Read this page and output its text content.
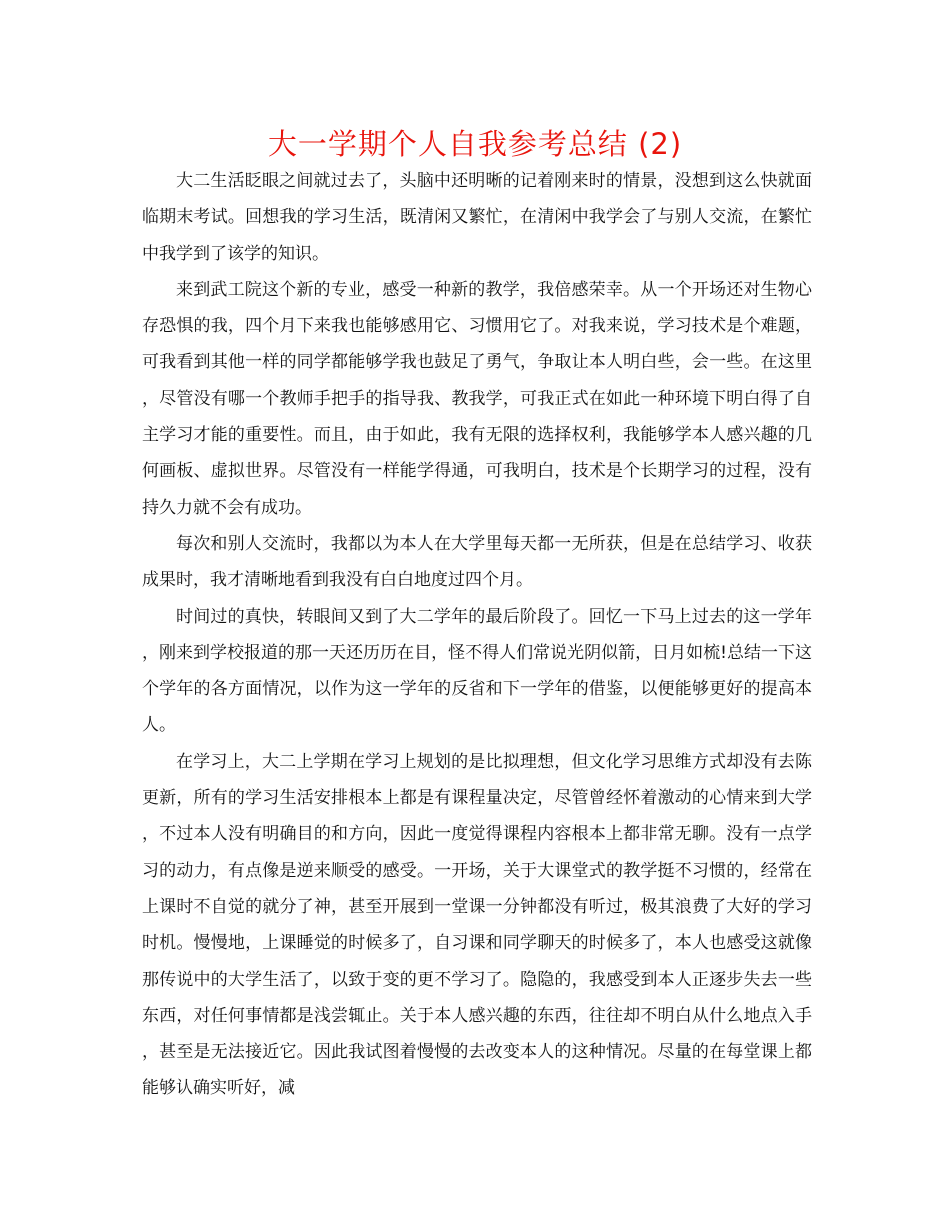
大一学期个人自我参考总结 (2)

大二生活眨眼之间就过去了，头脑中还明晰的记着刚来时的情景，没想到这么快就面临期末考试。回想我的学习生活，既清闲又繁忙，在清闲中我学会了与别人交流，在繁忙中我学到了该学的知识。

来到武工院这个新的专业，感受一种新的教学，我倍感荣幸。从一个开场还对生物心存恐惧的我，四个月下来我也能够感用它、习惯用它了。对我来说，学习技术是个难题，可我看到其他一样的同学都能够学我也鼓足了勇气，争取让本人明白些，会一些。在这里，尽管没有哪一个教师手把手的指导我、教我学，可我正式在如此一种环境下明白得了自主学习才能的重要性。而且，由于如此，我有无限的选择权利，我能够学本人感兴趣的几何画板、虚拟世界。尽管没有一样能学得通，可我明白，技术是个长期学习的过程，没有持久力就不会有成功。

每次和别人交流时，我都以为本人在大学里每天都一无所获，但是在总结学习、收获成果时，我才清晰地看到我没有白白地度过四个月。

时间过的真快，转眼间又到了大二学年的最后阶段了。回忆一下马上过去的这一学年，刚来到学校报道的那一天还历历在目，怪不得人们常说光阴似箭，日月如梳!总结一下这个学年的各方面情况，以作为这一学年的反省和下一学年的借鉴，以便能够更好的提高本人。

在学习上，大二上学期在学习上规划的是比拟理想，但文化学习思维方式却没有去陈更新，所有的学习生活安排根本上都是有课程量决定，尽管曾经怀着激动的心情来到大学，不过本人没有明确目的和方向，因此一度觉得课程内容根本上都非常无聊。没有一点学习的动力，有点像是逆来顺受的感受。一开场，关于大课堂式的教学挺不习惯的，经常在上课时不自觉的就分了神，甚至开展到一堂课一分钟都没有听过，极其浪费了大好的学习时机。慢慢地，上课睡觉的时候多了，自习课和同学聊天的时候多了，本人也感受这就像那传说中的大学生活了，以致于变的更不学习了。隐隐的，我感受到本人正逐步失去一些东西，对任何事情都是浅尝辄止。关于本人感兴趣的东西，往往却不明白从什么地点入手，甚至是无法接近它。因此我试图着慢慢的去改变本人的这种情况。尽量的在每堂课上都能够认确实听好，减
